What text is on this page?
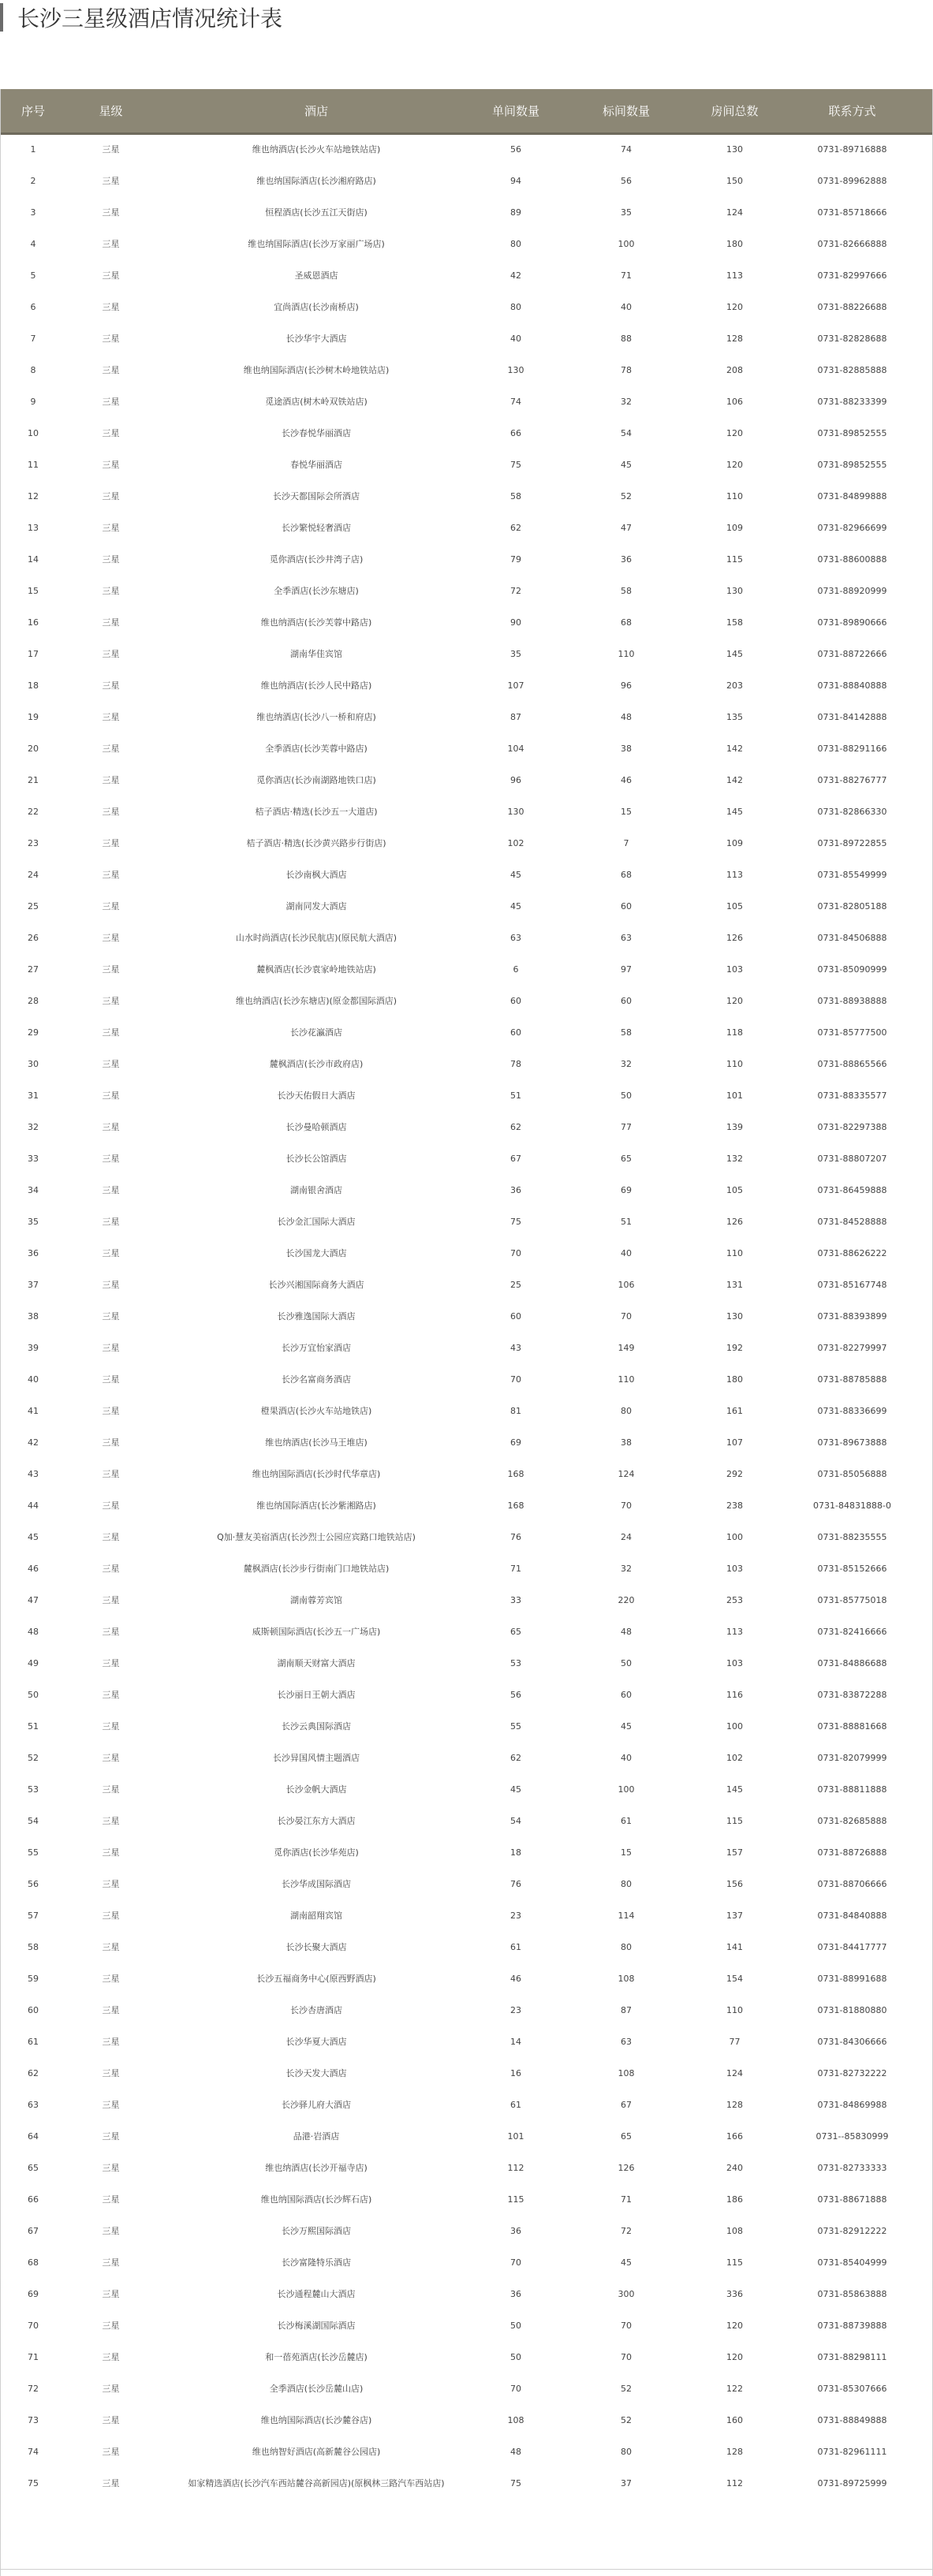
长沙三星级酒店情况统计表
序号	星级	酒店	单间数量	标间数量	房间总数	联系方式
1	三星	维也纳酒店(长沙火车站地铁站店)	56	74	130	0731-89716888
2	三星	维也纳国际酒店(长沙湘府路店)	94	56	150	0731-89962888
3	三星	恒程酒店(长沙五江天街店)	89	35	124	0731-85718666
4	三星	维也纳国际酒店(长沙万家丽广场店)	80	100	180	0731-82666888
5	三星	圣威恩酒店	42	71	113	0731-82997666
6	三星	宜尚酒店(长沙南桥店)	80	40	120	0731-88226688
7	三星	长沙华宇大酒店	40	88	128	0731-82828688
8	三星	维也纳国际酒店(长沙树木岭地铁站店)	130	78	208	0731-82885888
9	三星	觅途酒店(树木岭双铁站店)	74	32	106	0731-88233399
10	三星	长沙春悦华丽酒店	66	54	120	0731-89852555
11	三星	春悦华丽酒店	75	45	120	0731-89852555
12	三星	长沙天都国际会所酒店	58	52	110	0731-84899888
13	三星	长沙繁悦轻奢酒店	62	47	109	0731-82966699
14	三星	觅你酒店(长沙井湾子店)	79	36	115	0731-88600888
15	三星	全季酒店(长沙东塘店)	72	58	130	0731-88920999
16	三星	维也纳酒店(长沙芙蓉中路店)	90	68	158	0731-89890666
17	三星	湖南华佳宾馆	35	110	145	0731-88722666
18	三星	维也纳酒店(长沙人民中路店)	107	96	203	0731-88840888
19	三星	维也纳酒店(长沙八一桥和府店)	87	48	135	0731-84142888
20	三星	全季酒店(长沙芙蓉中路店)	104	38	142	0731-88291166
21	三星	觅你酒店(长沙南湖路地铁口店)	96	46	142	0731-88276777
22	三星	桔子酒店·精选(长沙五一大道店)	130	15	145	0731-82866330
23	三星	桔子酒店·精选(长沙黄兴路步行街店)	102	7	109	0731-89722855
24	三星	长沙南枫大酒店	45	68	113	0731-85549999
25	三星	湖南同发大酒店	45	60	105	0731-82805188
26	三星	山水时尚酒店(长沙民航店)(原民航大酒店)	63	63	126	0731-84506888
27	三星	麓枫酒店(长沙袁家岭地铁站店)	6	97	103	0731-85090999
28	三星	维也纳酒店(长沙东塘店)(原金都国际酒店)	60	60	120	0731-88938888
29	三星	长沙花瀛酒店	60	58	118	0731-85777500
30	三星	麓枫酒店(长沙市政府店)	78	32	110	0731-88865566
31	三星	长沙天佑假日大酒店	51	50	101	0731-88335577
32	三星	长沙曼哈顿酒店	62	77	139	0731-82297388
33	三星	长沙长公馆酒店	67	65	132	0731-88807207
34	三星	湖南银舍酒店	36	69	105	0731-86459888
35	三星	长沙金汇国际大酒店	75	51	126	0731-84528888
36	三星	长沙国龙大酒店	70	40	110	0731-88626222
37	三星	长沙兴湘国际商务大酒店	25	106	131	0731-85167748
38	三星	长沙雅逸国际大酒店	60	70	130	0731-88393899
39	三星	长沙万宜怡家酒店	43	149	192	0731-82279997
40	三星	长沙名富商务酒店	70	110	180	0731-88785888
41	三星	橙果酒店(长沙火车站地铁店)	81	80	161	0731-88336699
42	三星	维也纳酒店(长沙马王堆店)	69	38	107	0731-89673888
43	三星	维也纳国际酒店(长沙时代华章店)	168	124	292	0731-85056888
44	三星	维也纳国际酒店(长沙紫湘路店)	168	70	238	0731-84831888-0
45	三星	Q加·慧友美宿酒店(长沙烈士公园应宾路口地铁站店)	76	24	100	0731-88235555
46	三星	麓枫酒店(长沙步行街南门口地铁站店)	71	32	103	0731-85152666
47	三星	湖南蓉芳宾馆	33	220	253	0731-85775018
48	三星	威斯顿国际酒店(长沙五一广场店)	65	48	113	0731-82416666
49	三星	湖南顺天财富大酒店	53	50	103	0731-84886688
50	三星	长沙丽日王朝大酒店	56	60	116	0731-83872288
51	三星	长沙云典国际酒店	55	45	100	0731-88881668
52	三星	长沙异国风情主题酒店	62	40	102	0731-82079999
53	三星	长沙金帆大酒店	45	100	145	0731-88811888
54	三星	长沙晏江东方大酒店	54	61	115	0731-82685888
55	三星	觅你酒店(长沙华苑店)	18	15	157	0731-88726888
56	三星	长沙华成国际酒店	76	80	156	0731-88706666
57	三星	湖南韶翔宾馆	23	114	137	0731-84840888
58	三星	长沙长聚大酒店	61	80	141	0731-84417777
59	三星	长沙五福商务中心(原西野酒店)	46	108	154	0731-88991688
60	三星	长沙杏唐酒店	23	87	110	0731-81880880
61	三星	长沙华夏大酒店	14	63	77	0731-84306666
62	三星	长沙天发大酒店	16	108	124	0731-82732222
63	三星	长沙驿儿府大酒店	61	67	128	0731-84869988
64	三星	品港·岩酒店	101	65	166	0731--85830999
65	三星	维也纳酒店(长沙开福寺店)	112	126	240	0731-82733333
66	三星	维也纳国际酒店(长沙辉石店)	115	71	186	0731-88671888
67	三星	长沙万熙国际酒店	36	72	108	0731-82912222
68	三星	长沙富隆特乐酒店	70	45	115	0731-85404999
69	三星	长沙通程麓山大酒店	36	300	336	0731-85863888
70	三星	长沙梅溪湖国际酒店	50	70	120	0731-88739888
71	三星	和一蓓苑酒店(长沙岳麓店)	50	70	120	0731-88298111
72	三星	全季酒店(长沙岳麓山店)	70	52	122	0731-85307666
73	三星	维也纳国际酒店(长沙麓谷店)	108	52	160	0731-88849888
74	三星	维也纳智好酒店(高新麓谷公园店)	48	80	128	0731-82961111
75	三星	如家精选酒店(长沙汽车西站麓谷高新园店)(原枫林三路汽车西站店)	75	37	112	0731-89725999
